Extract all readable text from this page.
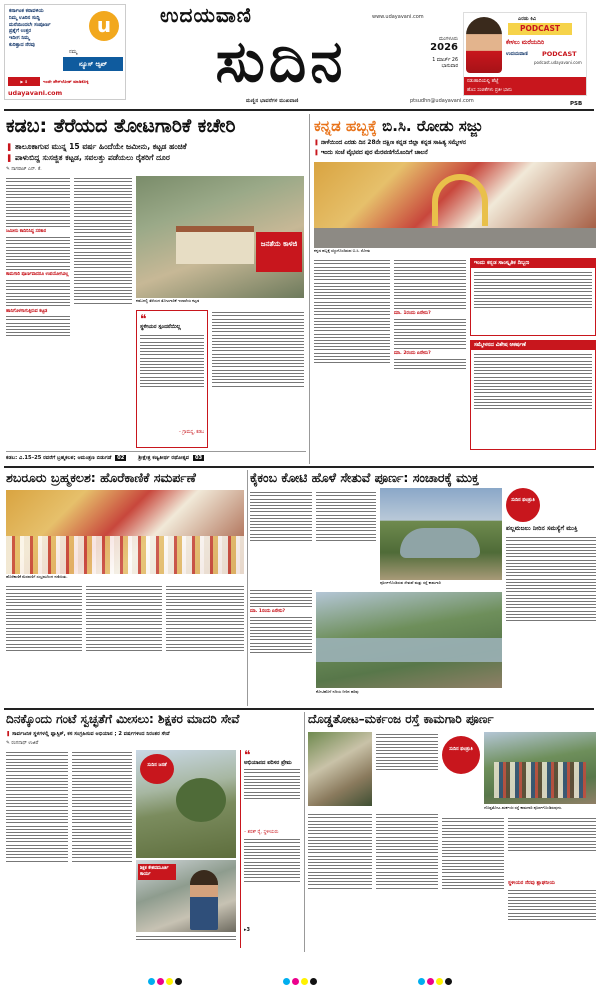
ಕರ್ನಾಟಕ ಕರಾವಳಿಯ
ನಿಮ್ಮ ಊರಿನ ಸುದ್ದಿ
ಮನೆಯಿಂದಲೇ ಸಂಪೂರ್ಣ
ಪ್ರಶ್ನೆಗೆ ಉತ್ತರ
ಇದೀಗ ನಿಮ್ಮ
ಕುರಿತ್ತಾದ ನೆರವು
u
ನಮ್ಮ
ನ್ಯೂಸ್ ಆ್ಯಪ್
▶ ⬇	ಇಂದೇ ಡೌನ್‌ಲೋಡ್ ಮಾಡಿಕೊಳ್ಳಿ
udayavani.com
ಉದಯವಾಣಿ	www.udayavani.com
ಸುದಿನ	ಮಂಗಳೂರು
2026
1 ಮಾರ್ಚ್ 26
ಭಾನುವಾರ
ಮಣ್ಣಿನ ಭಾವನೆಗಳ ಮುಖವಾಣಿ	ptsudhn@udayavani.com
ಎರಡು ಕಿವಿ
PODCAST
ಕೇಳಲು ಮರೆಯದಿರಿ
ಉದಯವಾಣಿ PODCAST
podcast.udayavani.com
ನಡುಹಾದಿಯಲ್ಲಿ ಹೆಜ್ಜೆ
ಹೊಸ ಸಂಚಿಕೆಗಳು ಪ್ರತೀ ಭಾನು
PSB
ಕಡಬ: ತೆರೆಯದ ತೋಟಗಾರಿಕೆ ಕಚೇರಿ
❚ ತಾಲೂಕಾಗುವ ಮುನ್ನ 15 ವರ್ಷ ಹಿಂದೆಯೇ ಜಮೀನು, ಕಟ್ಟಡ ಹಂಚಿಕೆ
❚ ಪಾಳುಬಿದ್ದ ಸುಸಜ್ಜಿತ ಕಟ್ಟಡ, ಸವಲತ್ತು ಪಡೆಯಲು ರೈತರಿಗೆ ದೂರ
✎ ನಾಗರಾಜ್ ಎನ್. ಕೆ.
ಜಮೀನು ಕಾದಿರಿಸಿದ್ದ ಸರಕಾರ
ಕಾಮಗಾರಿ ಪೂರ್ಣವಾದರೂ ಉಪಯೋಗವಿಲ್ಲ
ಹಾನಿಗೊಳಗಾಗುತ್ತಿರುವ ಕಟ್ಟಡ
ಜನತೆಯ ಕಾಳಜಿ
ಕಡಬದಲ್ಲಿ ತೆರೆಯದ ತೋಟಗಾರಿಕೆ ಇಲಾಖೆಯ ಕಟ್ಟಡ
❝
ಸ್ಥಳೀಯರ ಸ್ಪಂದನೆಯಿಲ್ಲ
– ಗ್ರಾಮಸ್ಥ, ಕಡಬ
ಕಡಬ: ವಿ.15–25 ರವರೆಗೆ ಬ್ರಹ್ಮಕಲಶ; ಆಮಂತ್ರಣ ಬಿಡುಗಡೆ 02	ಶ್ರೀಕ್ಷೇತ್ರ ಕಣ್ವತೀರ್ಥ ರಥೋತ್ಸವ 03
ಕನ್ನಡ ಹಬ್ಬಕ್ಕೆ ಬಿ.ಸಿ. ರೋಡು ಸಜ್ಜು
❚ ನಾಳೆಯಿಂದ ಎರಡು ದಿನ 28ನೇ ದಕ್ಷಿಣ ಕನ್ನಡ ಜಿಲ್ಲಾ ಕನ್ನಡ ಸಾಹಿತ್ಯ ಸಮ್ಮೇಳನ
❚ ಇಂದು ಸಂಜೆ ವೈಭವದ ಪುರ ಮೆರವಣಿಗೆಯೊಂದಿಗೆ ಚಾಲನೆ
ಕನ್ನಡ ಹಬ್ಬಕ್ಕೆ ಸಜ್ಜುಗೊಂಡಿರುವ ಬಿ.ಸಿ. ರೋಡು
ಮಾ. 1ರಂದು ಏನೇನು?
ಮಾ. 2ರಂದು ಏನೇನು?
ಇಂದು ಕನ್ನಡ ಸಾಂಸ್ಕೃತಿಕ ದಿಬ್ಬಣ
ಸಮ್ಮೇಳನದ ವಿಶೇಷ ಆಕರ್ಷಣೆ
ಶಬರೂರು ಬ್ರಹ್ಮಕಲಶ: ಹೊರೆಕಾಣಿಕೆ ಸಮರ್ಪಣೆ
ಹೊರೆಕಾಣಿಕೆ ಮೆರವಣಿಗೆ ಸಂಭ್ರಮದಿಂದ ನಡೆಯಿತು.
ಕೈಕಂಬ ಕೋಟಿ ಹೊಳೆ ಸೇತುವೆ ಪೂರ್ಣ: ಸಂಚಾರಕ್ಕೆ ಮುಕ್ತ
ಪೂರ್ಣಗೊಂಡಿರುವ ಸೇತುವೆ ಮತ್ತು ರಸ್ತೆ ಕಾಮಗಾರಿ
ಸುದಿನ ಫಲಶ್ರುತಿ
ಪಲ್ಲಮಜಲು ನೀರಿನ ಸಮಸ್ಯೆಗೆ ಮುಕ್ತಿ
ಮಾ. 1ರಂದು ಏನೇನು?
ಕೋಟಿಹೊಳೆ ನದಿಯ ನೀರಿನ ಹರಿವು
ದಿನಕ್ಕೊಂದು ಗಂಟೆ ಸ್ವಚ್ಛತೆಗೆ ಮೀಸಲು: ಶಿಕ್ಷಕರ ಮಾದರಿ ಸೇವೆ
❚ ಸಾರ್ವಜನಿಕ ಸ್ಥಳಗಳಲ್ಲಿ ಪ್ಲಾಸ್ಟಿಕ್, ಕಸ ಸಂಗ್ರಹಿಸುವ ಅಭಿಯಾನ ; 2 ವರ್ಷಗಳಿಂದ ನಿರಂತರ ಸೇವೆ
✎ ರಂಗನಾಥ್ ಉಜಿರೆ
ಸುದಿನ ಜನತೆ
ಶಿಕ್ಷಕ ಕೇಶವಮೂರ್ತಿ ಕಾರ್ಯ
❝
ಅಭಿಯಾನದ ಪರಿಸರ ಪ್ರೇಮ
– ಶರತ್ ರೈ, ಸ್ಥಳೀಯರು
▸3
ದೊಡ್ಡತೋಟ–ಮರ್ಕಂಜ ರಸ್ತೆ ಕಾಮಗಾರಿ ಪೂರ್ಣ
ಸುದಿನ ಫಲಶ್ರುತಿ
ದೊಡ್ಡತೋಟ–ಮರ್ಕಂಜ ರಸ್ತೆ ಕಾಮಗಾರಿ ಪೂರ್ಣಗೊಂಡಿರುವುದು.
ಸ್ಥಳೀಯರ ನೆರವು ಶ್ಲಾಘನೀಯ
